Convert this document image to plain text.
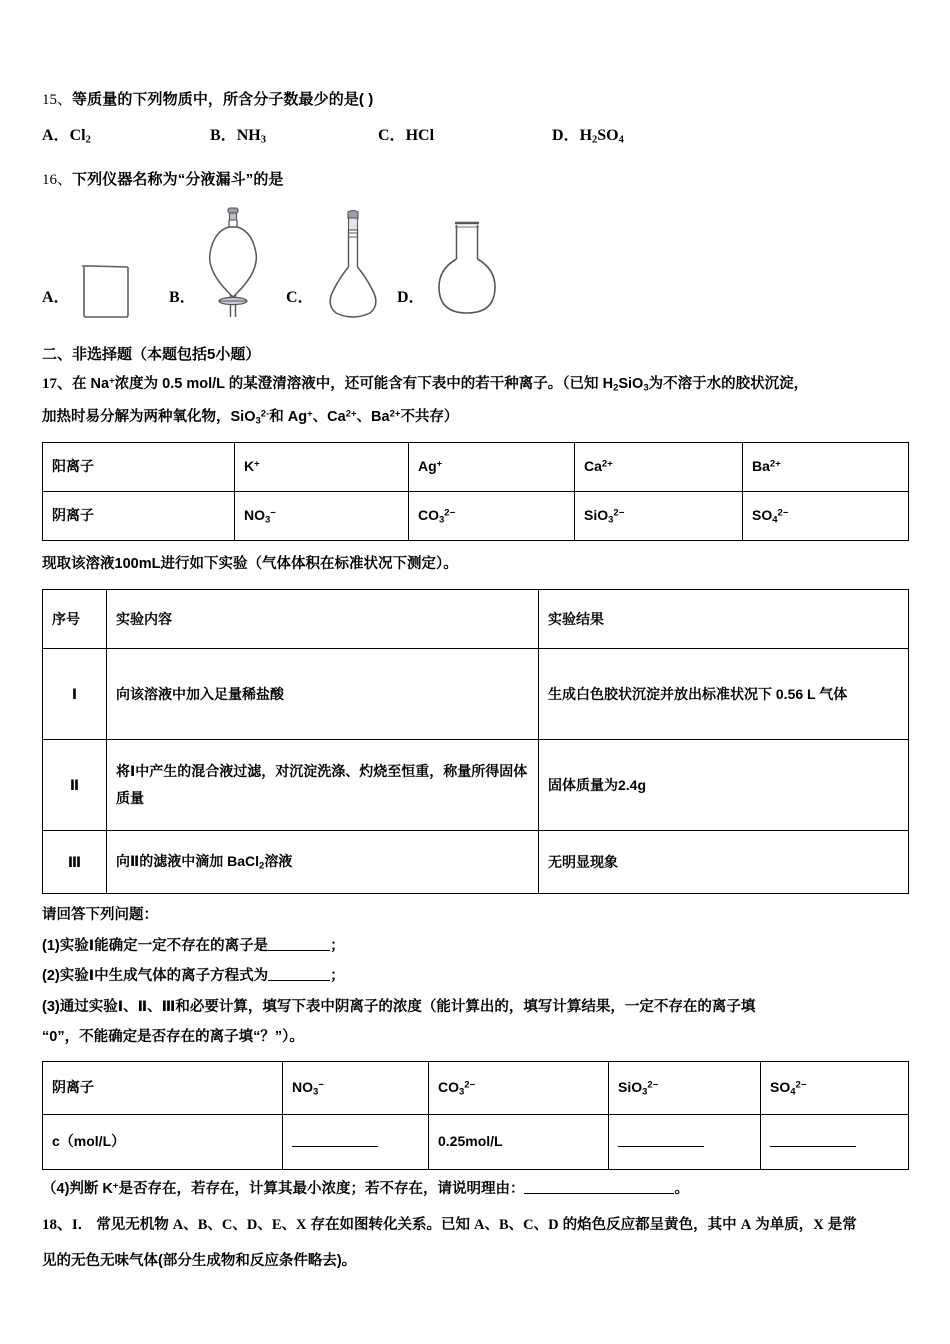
15、等质量的下列物质中，所含分子数最少的是( )
A．$Cl_2$	B．$NH_3$	C．HCl	D．$H_2SO_4$
16、下列仪器名称为“分液漏斗”的是
A．	B．	C．	D．
二、非选择题（本题包括5小题）
17、在 Na+浓度为 0.5 mol/L 的某澄清溶液中，还可能含有下表中的若干种离子。（已知 $H_2SiO_3$为不溶于水的胶状沉淀，
加热时易分解为两种氧化物，SiO$_3^{2-}$和 Ag+、$Ca^{2+}$、$Ba^{2+}$不共存）
阳离子	K+	Ag+	$Ca^{2+}$	$Ba^{2+}$
阴离子	$NO_3^-$	$CO_3^{2-}$	SiO$_3^{2-}$	$SO_4^{2-}$
现取该溶液100mL进行如下实验（气体体积在标准状况下测定）。
序号	实验内容	实验结果
Ⅰ	向该溶液中加入足量稀盐酸	生成白色胶状沉淀并放出标准状况下 0.56 L 气体
Ⅱ	将Ⅰ中产生的混合液过滤，对沉淀洗涤、灼烧至恒重，称量所得固体质量	固体质量为2.4g
Ⅲ	向Ⅱ的滤液中滴加 BaCl$_2$溶液	无明显现象
请回答下列问题：
(1)实验Ⅰ能确定一定不存在的离子是	；
(2)实验Ⅰ中生成气体的离子方程式为	；
(3)通过实验Ⅰ、Ⅱ、Ⅲ和必要计算，填写下表中阴离子的浓度（能计算出的，填写计算结果，一定不存在的离子填
“0”，不能确定是否存在的离子填“？”）。
阴离子	$NO_3^-$	$CO_3^{2-}$	SiO$_3^{2-}$	$SO_4^{2-}$
c（mol/L）		0.25mol/L		
（4)判断 K+是否存在，若存在，计算其最小浓度；若不存在，请说明理由：	。
18、I． 常见无机物 A、B、C、D、E、X 存在如图转化关系。已知 A、B、C、D 的焰色反应都呈黄色，其中 A 为单质，X 是常
见的无色无味气体(部分生成物和反应条件略去)。
